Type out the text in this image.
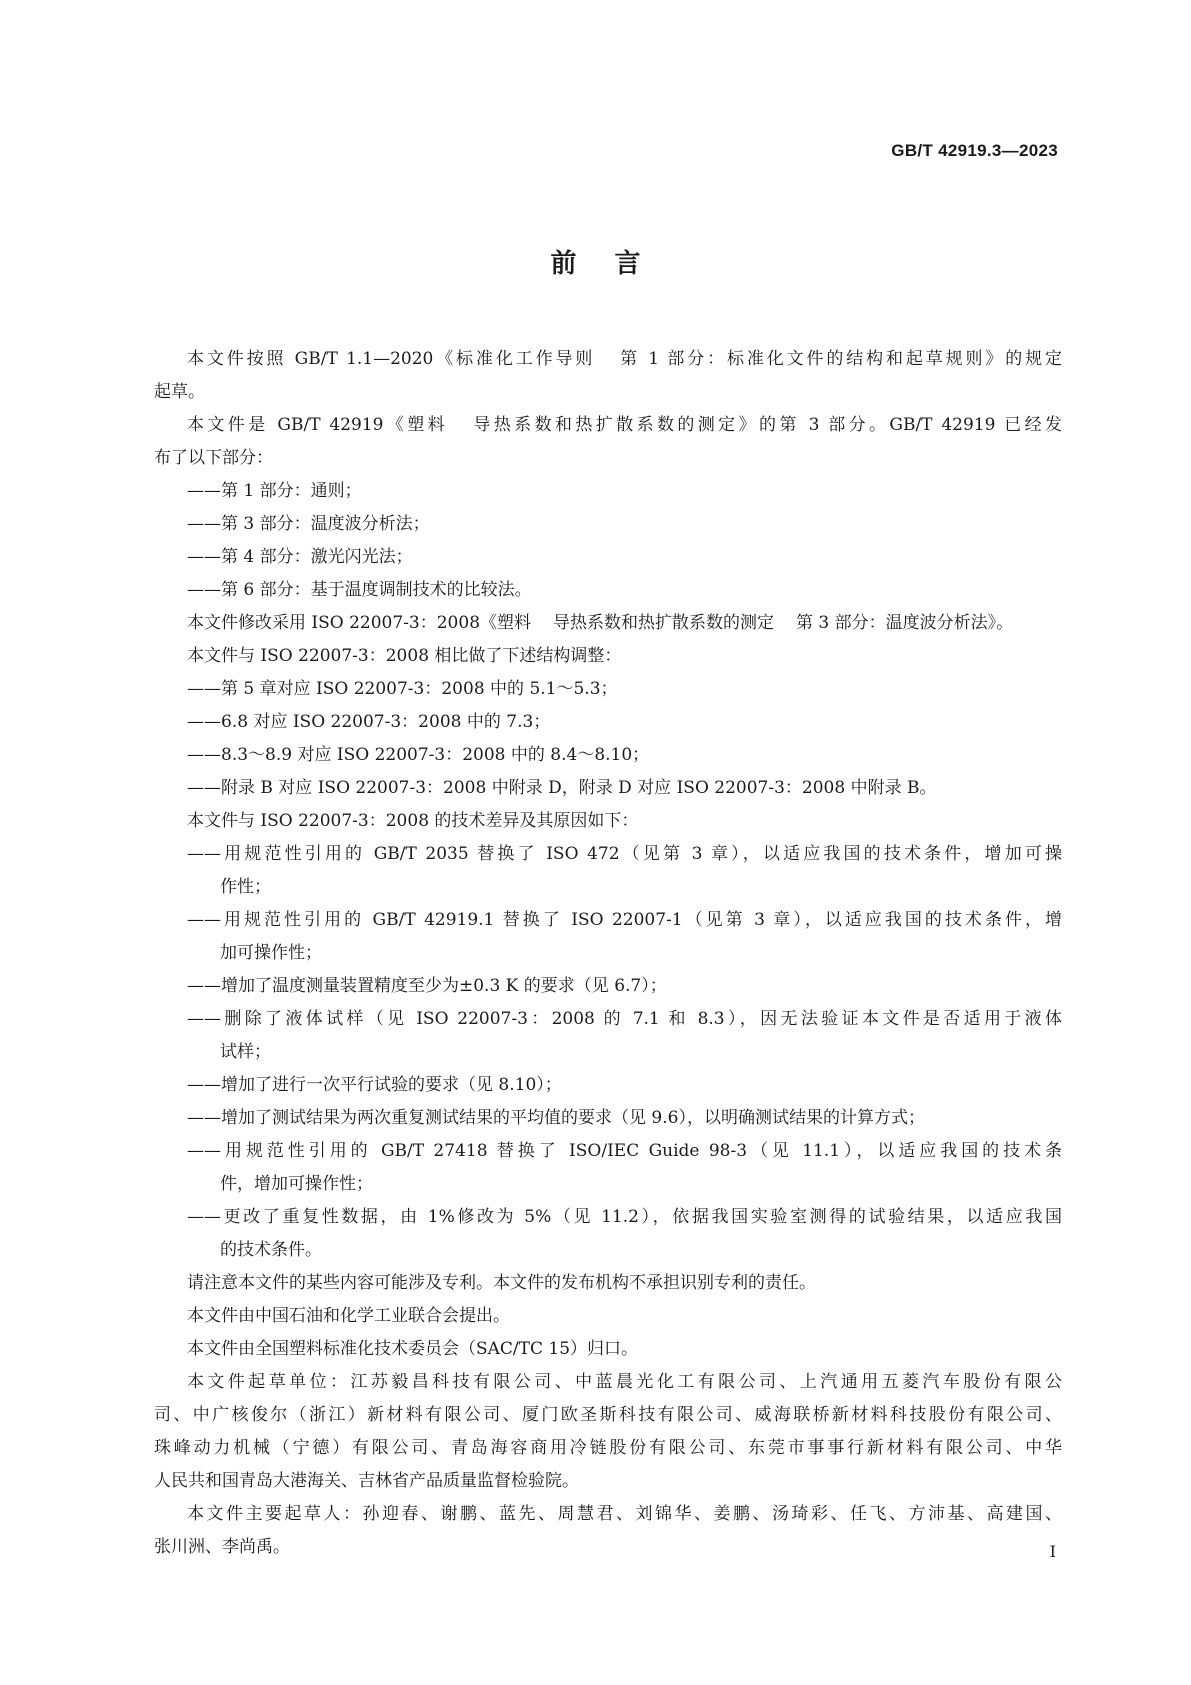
GB/T 42919.3—2023
前言
本文件按照 GB/T 1.1—2020《标准化工作导则 第 1 部分：标准化文件的结构和起草规则》的规定
起草。
本文件是 GB/T 42919《塑料 导热系数和热扩散系数的测定》的第 3 部分。GB/T 42919 已经发
布了以下部分：
——第 1 部分：通则；
——第 3 部分：温度波分析法；
——第 4 部分：激光闪光法；
——第 6 部分：基于温度调制技术的比较法。
本文件修改采用 ISO 22007-3：2008《塑料 导热系数和热扩散系数的测定 第 3 部分：温度波分析法》。
本文件与 ISO 22007-3：2008 相比做了下述结构调整：
——第 5 章对应 ISO 22007-3：2008 中的 5.1～5.3；
——6.8 对应 ISO 22007-3：2008 中的 7.3；
——8.3～8.9 对应 ISO 22007-3：2008 中的 8.4～8.10；
——附录 B 对应 ISO 22007-3：2008 中附录 D，附录 D 对应 ISO 22007-3：2008 中附录 B。
本文件与 ISO 22007-3：2008 的技术差异及其原因如下：
——用规范性引用的 GB/T 2035 替换了 ISO 472（见第 3 章），以适应我国的技术条件，增加可操
作性；
——用规范性引用的 GB/T 42919.1 替换了 ISO 22007-1（见第 3 章），以适应我国的技术条件，增
加可操作性；
——增加了温度测量装置精度至少为±0.3 K 的要求（见 6.7）；
——删除了液体试样（见 ISO 22007-3：2008 的 7.1 和 8.3），因无法验证本文件是否适用于液体
试样；
——增加了进行一次平行试验的要求（见 8.10）；
——增加了测试结果为两次重复测试结果的平均值的要求（见 9.6），以明确测试结果的计算方式；
——用规范性引用的 GB/T 27418 替换了 ISO/IEC Guide 98-3（见 11.1），以适应我国的技术条
件，增加可操作性；
——更改了重复性数据，由 1%修改为 5%（见 11.2），依据我国实验室测得的试验结果，以适应我国
的技术条件。
请注意本文件的某些内容可能涉及专利。本文件的发布机构不承担识别专利的责任。
本文件由中国石油和化学工业联合会提出。
本文件由全国塑料标准化技术委员会（SAC/TC 15）归口。
本文件起草单位：江苏毅昌科技有限公司、中蓝晨光化工有限公司、上汽通用五菱汽车股份有限公
司、中广核俊尔（浙江）新材料有限公司、厦门欧圣斯科技有限公司、威海联桥新材料科技股份有限公司、
珠峰动力机械（宁德）有限公司、青岛海容商用冷链股份有限公司、东莞市事事行新材料有限公司、中华
人民共和国青岛大港海关、吉林省产品质量监督检验院。
本文件主要起草人：孙迎春、谢鹏、蓝先、周慧君、刘锦华、姜鹏、汤琦彩、任飞、方沛基、高建国、
张川洲、李尚禹。	I
